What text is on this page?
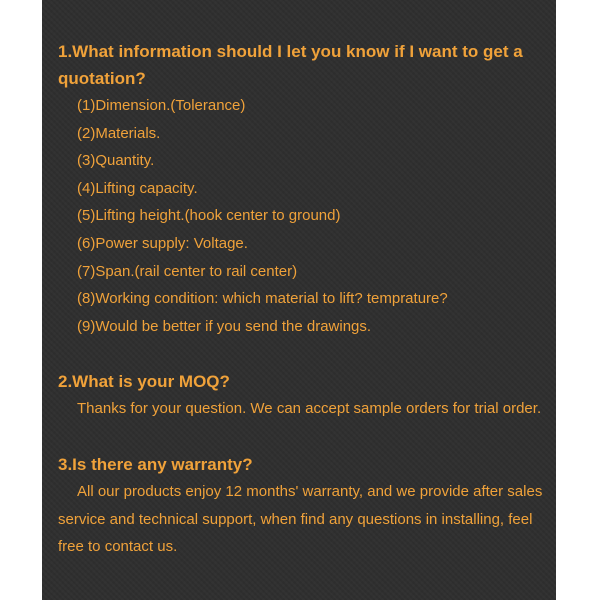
1.What information should I let you know if I want to get a quotation?

(1)Dimension.(Tolerance)
(2)Materials.
(3)Quantity.
(4)Lifting capacity.
(5)Lifting height.(hook center to ground)
(6)Power supply: Voltage.
(7)Span.(rail center to rail center)
(8)Working condition: which material to lift? temprature?
(9)Would be better if you send the drawings.

2.What is your MOQ?

Thanks for your question. We can accept sample orders for trial order.

3.Is there any warranty?

All our products enjoy 12 months' warranty, and we provide after sales service and technical support, when find any questions in installing, feel free to contact us.
